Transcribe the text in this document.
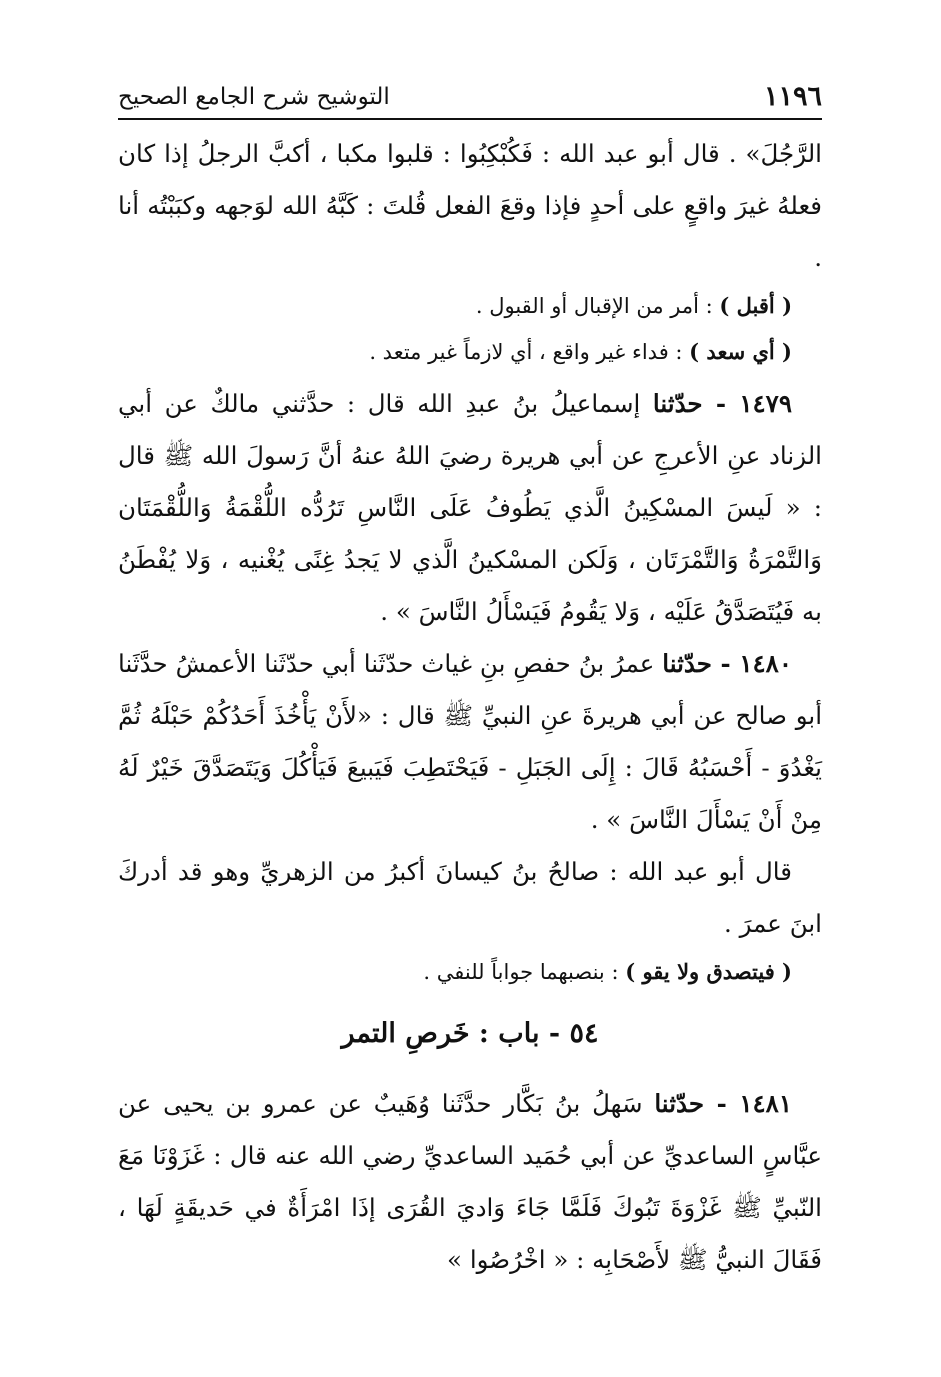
١١٩٦
التوشيح شرح الجامع الصحيح

الرَّجُلَ» . قال أبو عبد الله : فَكُبْكِبُوا : قلبوا مكبا ، أكبَّ الرجلُ إذا كان فعلهُ غيرَ واقعٍ على أحدٍ فإذا وقعَ الفعل قُلتَ : كَبَّهُ الله لوَجهه وكبَبْتُه أنا .

( أقبل ) : أمر من الإقبال أو القبول .

( أي سعد ) : فداء غير واقع ، أي لازماً غير متعد .

١٤٧٩ - حدّثنا إسماعيلُ بنُ عبدِ الله قال : حدَّثني مالكٌ عن أبي الزناد عنِ الأعرجِ عن أبي هريرة رضيَ اللهُ عنهُ أنَّ رَسولَ الله ﷺ قال : « لَيسَ المسْكِينُ الَّذي يَطُوفُ عَلَى النَّاسِ تَرُدُّه اللُّقْمَةُ وَاللُّقْمَتَان وَالتَّمْرَةُ وَالتَّمْرَتَان ، وَلَكن المسْكينُ الَّذي لا يَجدُ غِنًى يُغْنيه ، وَلا يُفْطَنُ به فَيُتَصَدَّقُ عَلَيْه ، وَلا يَقُومُ فَيَسْأَلُ النَّاسَ » .

١٤٨٠ - حدّثنا عمرُ بنُ حفصِ بنِ غياث حدّثَنا أبي حدّثَنا الأعمشُ حدَّثَنا أبو صالح عن أبي هريرةَ عنِ النبيِّ ﷺ قال : «لأَنْ يَأْخُذَ أَحَدُكُمْ حَبْلَهُ ثُمَّ يَغْدُوَ - أَحْسَبُهُ قَالَ : إِلَى الجَبَلِ - فَيَحْتَطِبَ فَيَبيعَ فَيَأْكُلَ وَيَتَصَدَّقَ خَيْرٌ لَهُ مِنْ أَنْ يَسْأَلَ النَّاسَ » .

قال أبو عبد الله : صالحُ بنُ كيسانَ أكبرُ من الزهريِّ وهو قد أدركَ ابنَ عمرَ .

( فيتصدق ولا يقو ) : بنصبهما جواباً للنفي .

٥٤ - باب : خَرصِ التمر

١٤٨١ - حدّثنا سَهلُ بنُ بَكَّار حدَّثَنا وُهَيبٌ عن عمرو بن يحيى عن عبَّاسٍ الساعديِّ عن أبي حُمَيد الساعديِّ رضي الله عنه قال : غَزَوْنَا مَعَ النّبيِّ ﷺ غَزْوَةَ تَبُوكَ فَلَمَّا جَاءَ وَاديَ القُرَى إذَا امْرَأَةٌ في حَديقَةٍ لَهَا ، فَقَالَ النبيُّ ﷺ لأَصْحَابِه : « اخْرُصُوا »
